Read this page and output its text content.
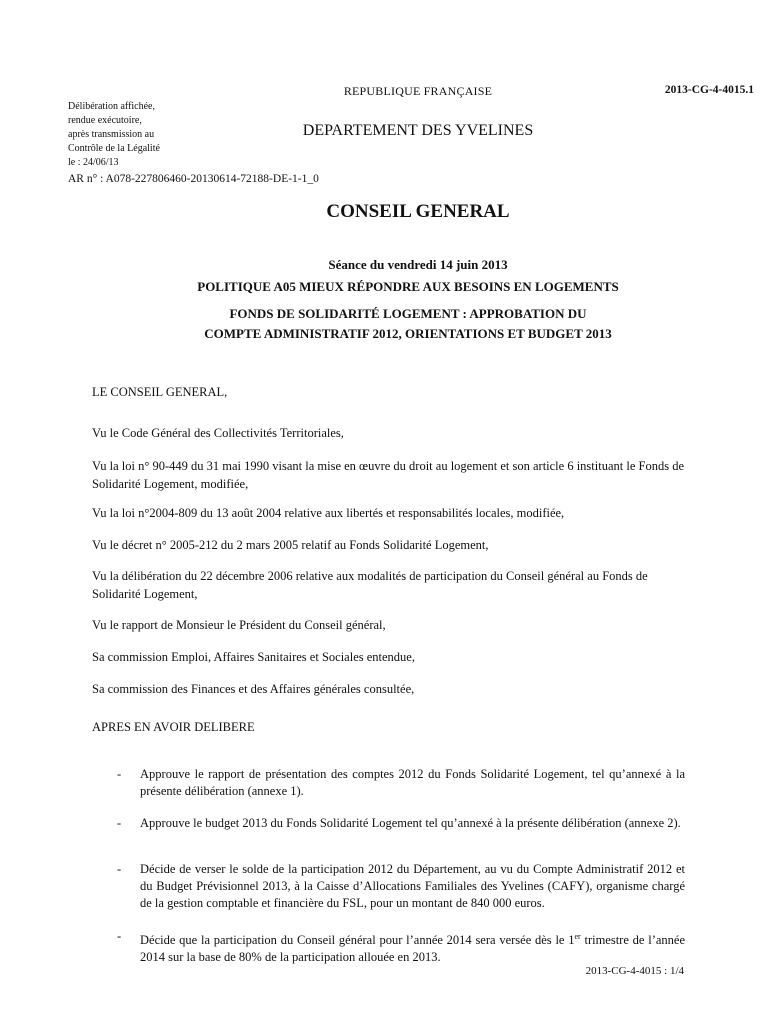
REPUBLIQUE FRANÇAISE	2013-CG-4-4015.1
Délibération affichée,
rendue exécutoire,
après transmission au
Contrôle de la Légalité
le : 24/06/13
DEPARTEMENT DES YVELINES
AR n° : A078-227806460-20130614-72188-DE-1-1_0
CONSEIL GENERAL
Séance du vendredi 14 juin 2013
POLITIQUE A05 MIEUX RÉPONDRE AUX BESOINS EN LOGEMENTS
FONDS DE SOLIDARITÉ LOGEMENT : APPROBATION DU
COMPTE ADMINISTRATIF 2012, ORIENTATIONS ET BUDGET 2013
LE CONSEIL GENERAL,
Vu le Code Général des Collectivités Territoriales,
Vu la loi n° 90-449 du 31 mai 1990 visant la mise en œuvre du droit au logement et son article 6 instituant le Fonds de Solidarité Logement, modifiée,
Vu la loi n°2004-809 du 13 août 2004 relative aux libertés et responsabilités locales, modifiée,
Vu le décret n° 2005-212 du 2 mars 2005 relatif au Fonds Solidarité Logement,
Vu la délibération du 22 décembre 2006 relative aux modalités de participation du Conseil général au Fonds de Solidarité Logement,
Vu le rapport de Monsieur le Président du Conseil général,
Sa commission Emploi, Affaires Sanitaires et Sociales entendue,
Sa commission des Finances et des Affaires générales consultée,
APRES EN AVOIR DELIBERE
- Approuve le rapport de présentation des comptes 2012 du Fonds Solidarité Logement, tel qu’annexé à la présente délibération (annexe 1).
- Approuve le budget 2013 du Fonds Solidarité Logement tel qu’annexé à la présente délibération (annexe 2).
- Décide de verser le solde de la participation 2012 du Département, au vu du Compte Administratif 2012 et du Budget Prévisionnel 2013, à la Caisse d’Allocations Familiales des Yvelines (CAFY), organisme chargé de la gestion comptable et financière du FSL, pour un montant de 840 000 euros.
- Décide que la participation du Conseil général pour l’année 2014 sera versée dès le 1er trimestre de l’année 2014 sur la base de 80% de la participation allouée en 2013.
2013-CG-4-4015 : 1/4
